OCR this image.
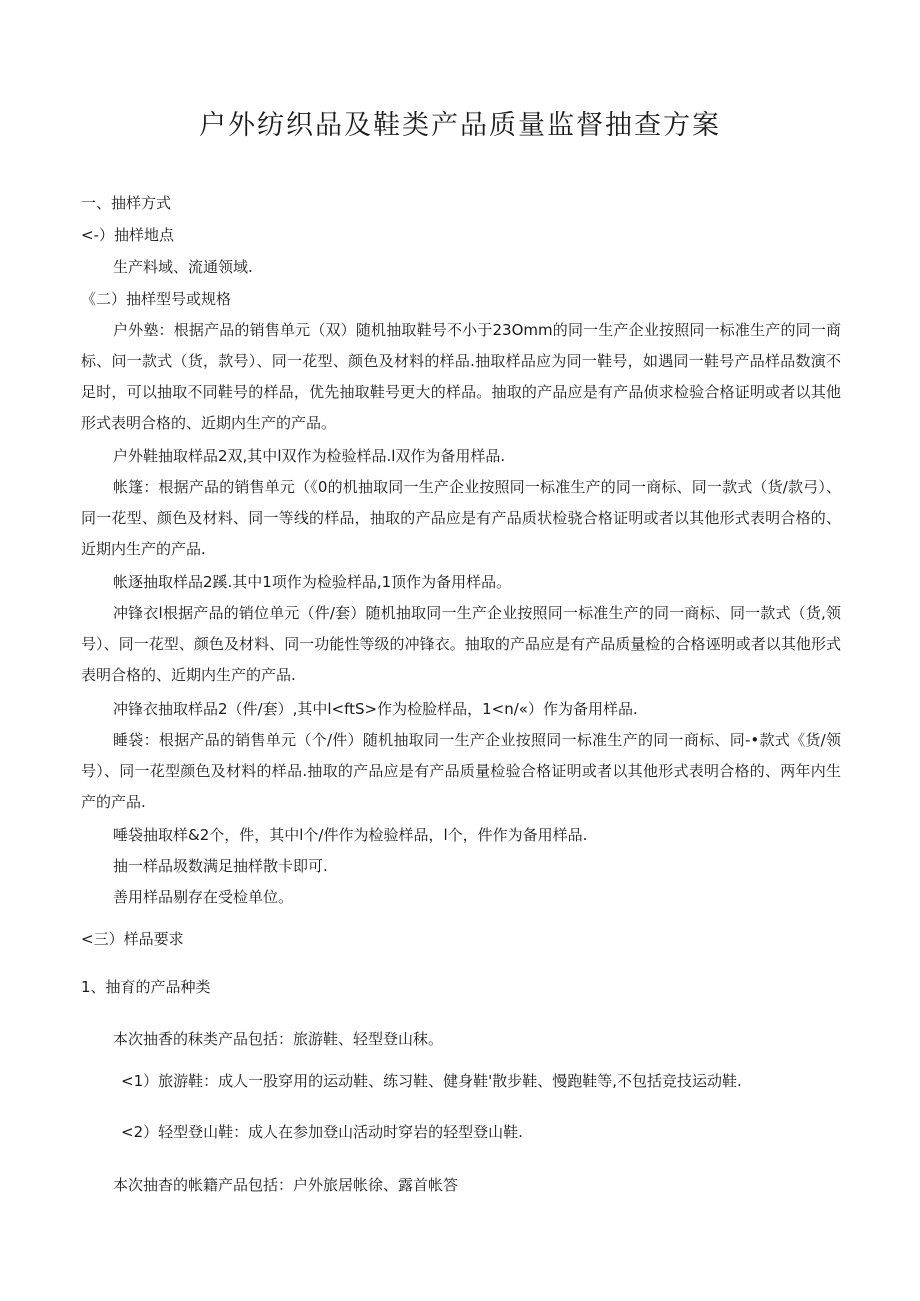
户外纺织品及鞋类产品质量监督抽查方案
一、抽样方式
<-）抽样地点
生产料域、流通领域.
《二）抽样型号或规格
户外塾：根据产品的销售单元（双）随机抽取鞋号不小于23Omm的同一生产企业按照同一标准生产的同一商标、问一款式（货，款号）、同一花型、颜色及材料的样品.抽取样品应为同一鞋号，如遇同一鞋号产品样品数演不足时，可以抽取不同鞋号的样品，优先抽取鞋号更大的样品。抽取的产品应是有产品侦求检验合格证明或者以其他形式表明合格的、近期内生产的产品。
户外鞋抽取样品2双,其中l双作为检验样品.l双作为备用样品.
帐篷：根据产品的销售单元（《0的机抽取同一生产企业按照同一标准生产的同一商标、同一款式（货/款弓）、同一花型、颜色及材料、同一等线的样品，抽取的产品应是有产品质状检骁合格证明或者以其他形式表明合格的、近期内生产的产品.
帐逐抽取样品2蹊.其中1项作为检验样品,1顶作为备用样品。
冲锋衣l根据产品的销位单元（件/套）随机抽取同一生产企业按照同一标准生产的同一商标、同一款式（货,领号）、同一花型、颜色及材料、同一功能性等级的冲锋衣。抽取的产品应是有产品质量检的合格诬明或者以其他形式表明合格的、近期内生产的产品.
冲锋衣抽取样品2（件/套）,其中l<ftS>作为检脸样品，1<n/«）作为备用样品.
睡袋：根据产品的销售单元（个/件）随机抽取同一生产企业按照同一标准生产的同一商标、同-•款式《货/领号）、同一花型颜色及材料的样品.抽取的产品应是有产品质量检验合格证明或者以其他形式表明合格的、两年内生产的产品.
唾袋抽取样&2个，件，其中l个/件作为检验样品，l个，件作为备用样品.
抽一样品圾数满足抽样散卡即可.
善用样品剔存在受检单位。
<三）样品要求
1、抽育的产品种类
本次抽香的秣类产品包括：旅游鞋、轻型登山秣。
<1）旅游鞋：成人一股穿用的运动鞋、练习鞋、健身鞋'散步鞋、慢跑鞋等,不包括竞技运动鞋.
<2）轻型登山鞋：成人在参加登山活动时穿岩的轻型登山鞋.
本次抽杳的帐籍产品包括：户外旅居帐徐、露首帐答
